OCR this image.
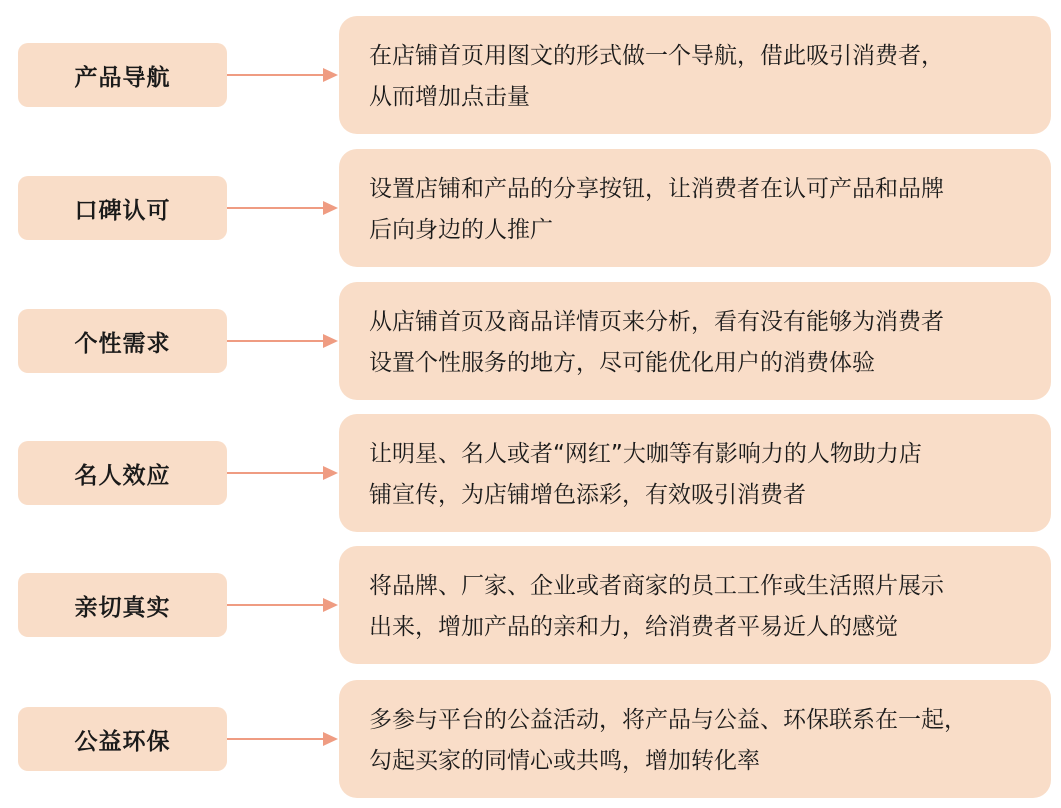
产品导航
在店铺首页用图文的形式做一个导航，借此吸引消费者，
从而增加点击量
口碑认可
设置店铺和产品的分享按钮，让消费者在认可产品和品牌
后向身边的人推广
个性需求
从店铺首页及商品详情页来分析，看有没有能够为消费者
设置个性服务的地方，尽可能优化用户的消费体验
名人效应
让明星、名人或者“网红”大咖等有影响力的人物助力店
铺宣传，为店铺增色添彩，有效吸引消费者
亲切真实
将品牌、厂家、企业或者商家的员工工作或生活照片展示
出来，增加产品的亲和力，给消费者平易近人的感觉
公益环保
多参与平台的公益活动，将产品与公益、环保联系在一起，
勾起买家的同情心或共鸣，增加转化率
